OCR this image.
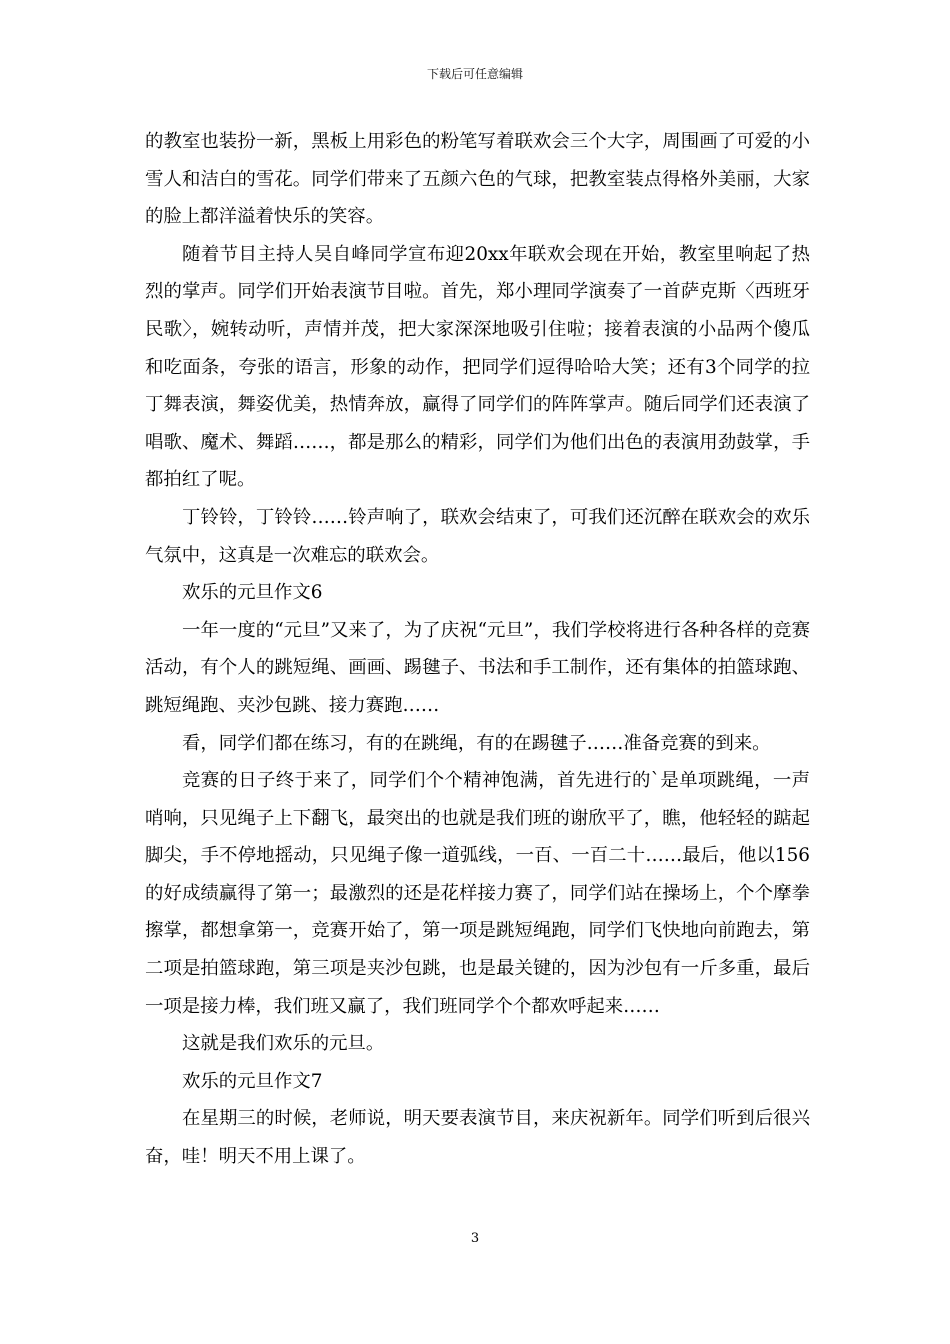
下载后可任意编辑

的教室也装扮一新，黑板上用彩色的粉笔写着联欢会三个大字，周围画了可爱的小雪人和洁白的雪花。同学们带来了五颜六色的气球，把教室装点得格外美丽，大家的脸上都洋溢着快乐的笑容。

随着节目主持人吴自峰同学宣布迎20xx年联欢会现在开始，教室里响起了热烈的掌声。同学们开始表演节目啦。首先，郑小理同学演奏了一首萨克斯〈西班牙民歌〉，婉转动听，声情并茂，把大家深深地吸引住啦；接着表演的小品两个傻瓜和吃面条，夸张的语言，形象的动作，把同学们逗得哈哈大笑；还有3个同学的拉丁舞表演，舞姿优美，热情奔放，赢得了同学们的阵阵掌声。随后同学们还表演了唱歌、魔术、舞蹈……，都是那么的精彩，同学们为他们出色的表演用劲鼓掌，手都拍红了呢。

丁铃铃，丁铃铃……铃声响了，联欢会结束了，可我们还沉醉在联欢会的欢乐气氛中，这真是一次难忘的联欢会。

欢乐的元旦作文6

一年一度的“元旦”又来了，为了庆祝“元旦”，我们学校将进行各种各样的竞赛活动，有个人的跳短绳、画画、踢毽子、书法和手工制作，还有集体的拍篮球跑、跳短绳跑、夹沙包跳、接力赛跑……

看，同学们都在练习，有的在跳绳，有的在踢毽子……准备竞赛的到来。

竞赛的日子终于来了，同学们个个精神饱满，首先进行的`是单项跳绳，一声哨响，只见绳子上下翻飞，最突出的也就是我们班的谢欣平了，瞧，他轻轻的踮起脚尖，手不停地摇动，只见绳子像一道弧线，一百、一百二十……最后，他以156的好成绩赢得了第一；最激烈的还是花样接力赛了，同学们站在操场上，个个摩拳擦掌，都想拿第一，竞赛开始了，第一项是跳短绳跑，同学们飞快地向前跑去，第二项是拍篮球跑，第三项是夹沙包跳，也是最关键的，因为沙包有一斤多重，最后一项是接力棒，我们班又赢了，我们班同学个个都欢呼起来……

这就是我们欢乐的元旦。

欢乐的元旦作文7

在星期三的时候，老师说，明天要表演节目，来庆祝新年。同学们听到后很兴奋，哇！明天不用上课了。

3
